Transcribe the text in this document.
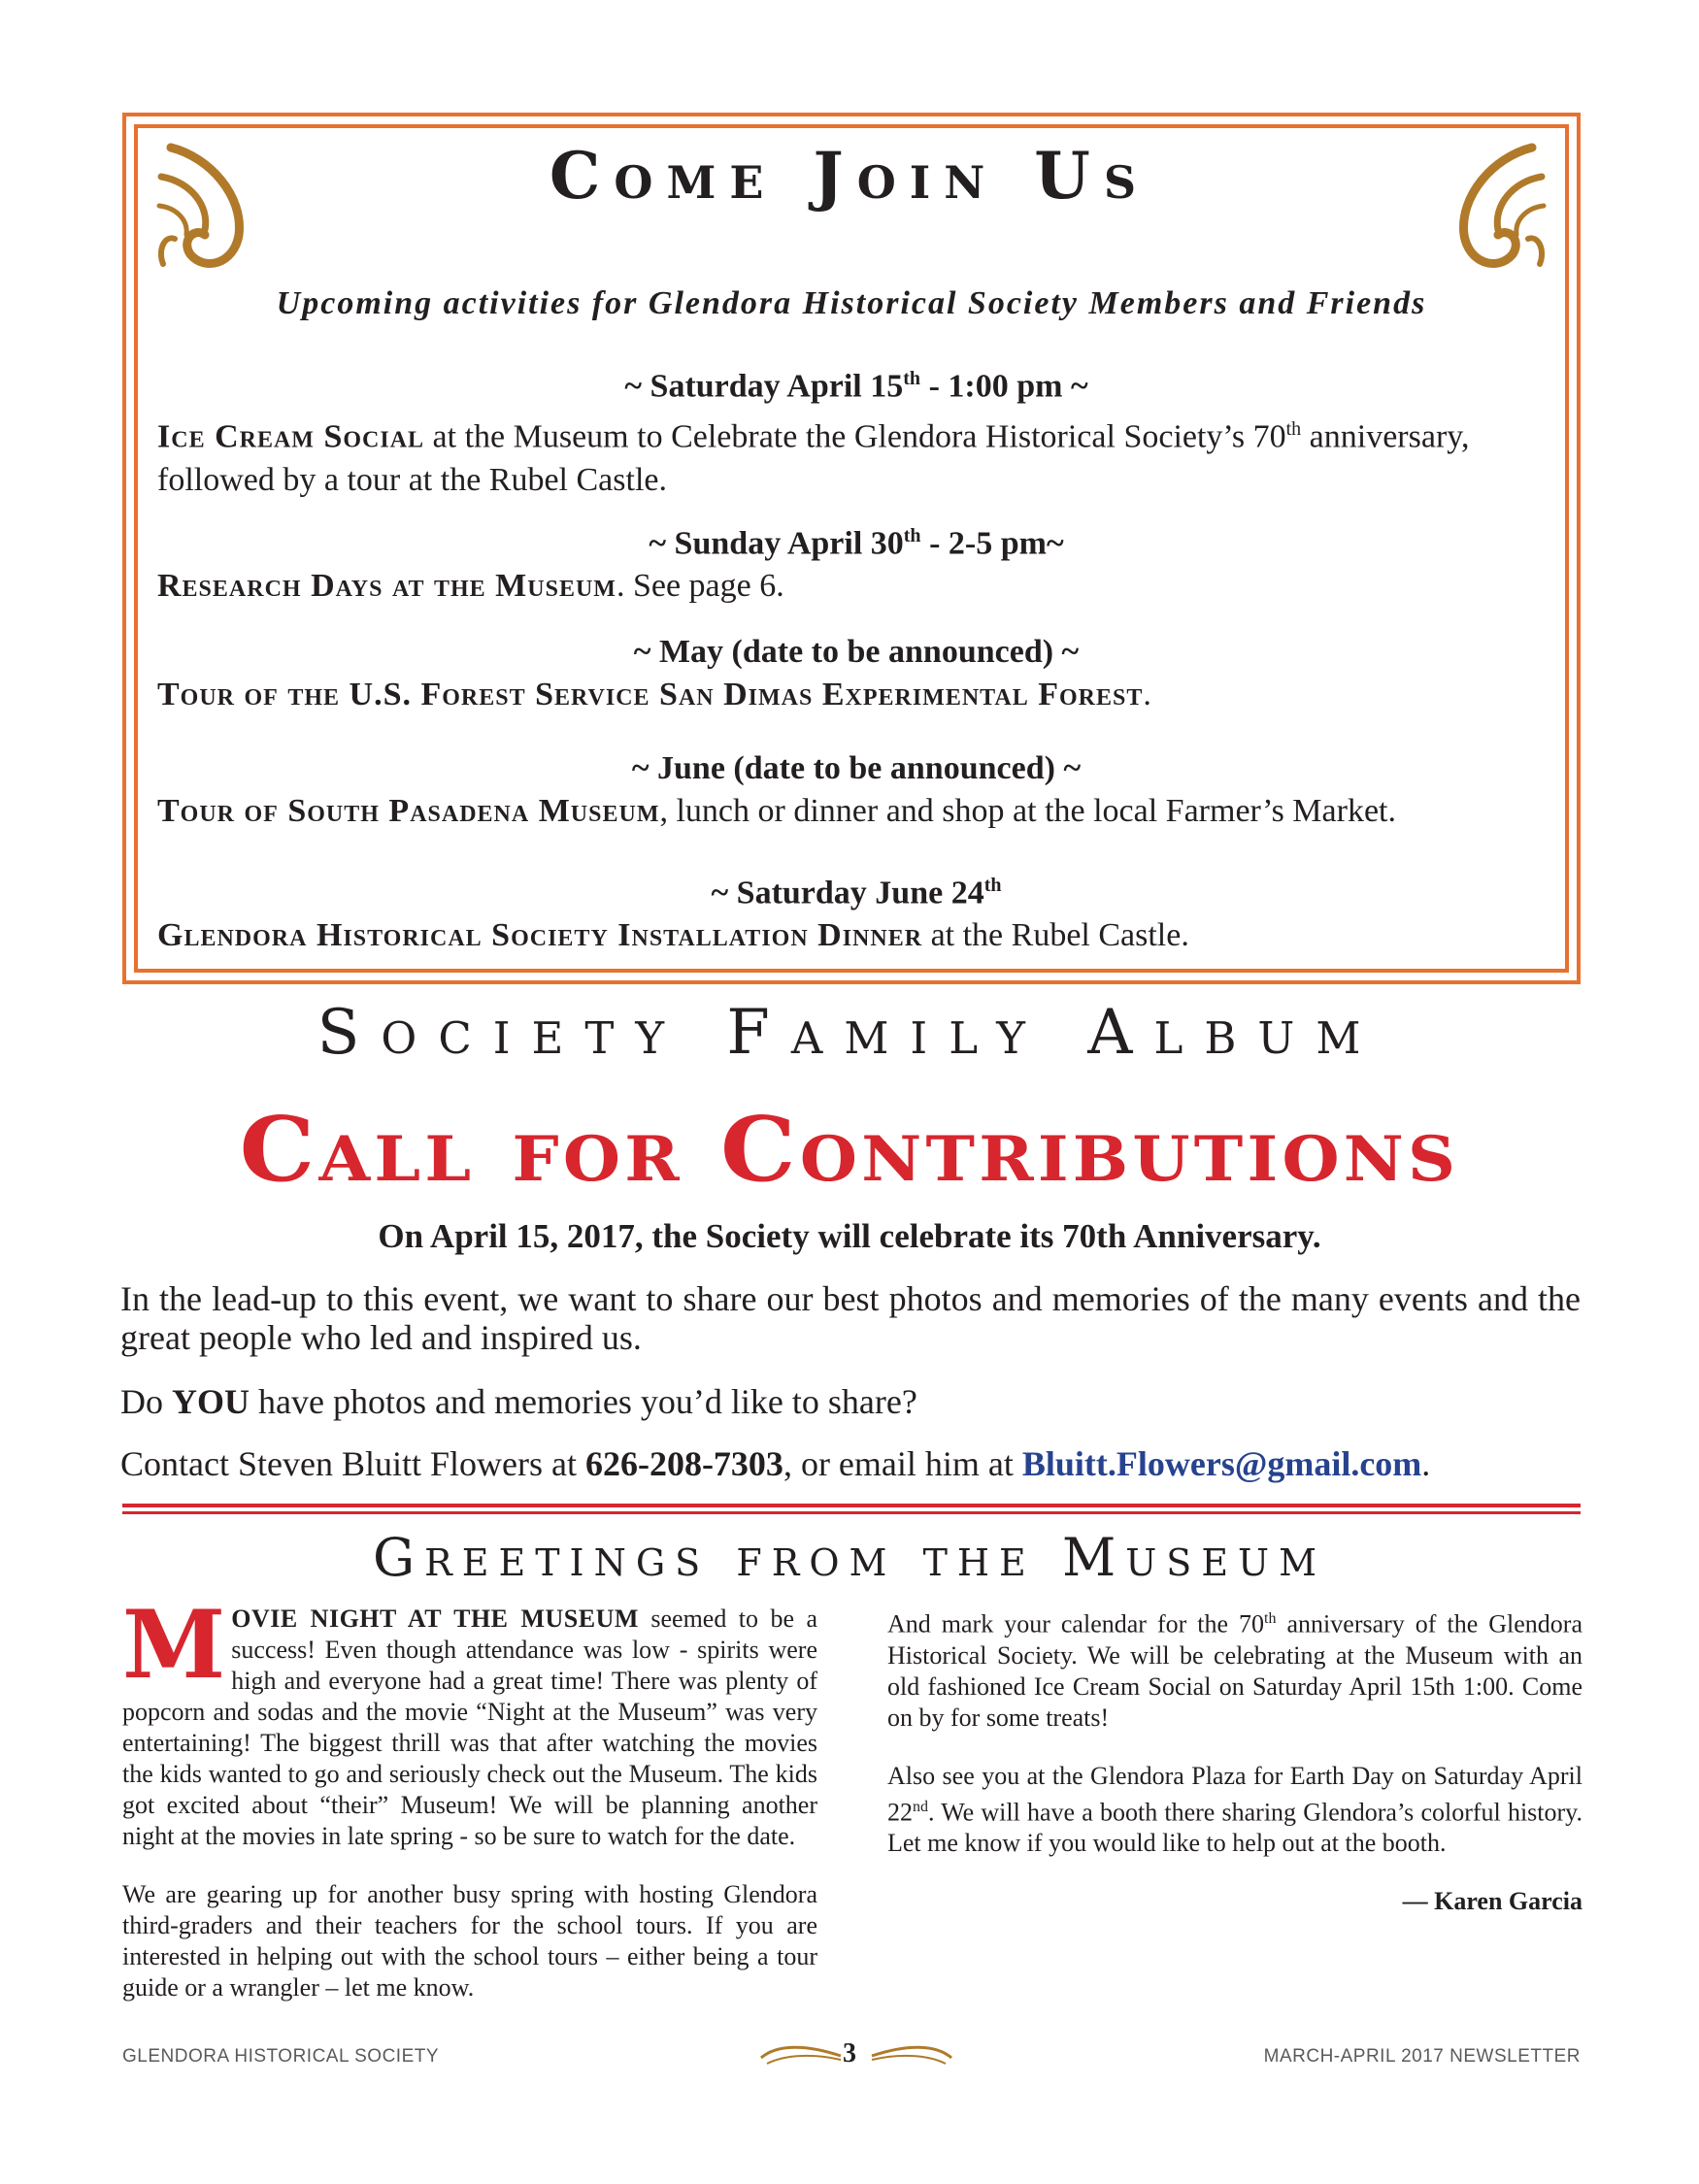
Come Join Us
Upcoming activities for Glendora Historical Society Members and Friends
~ Saturday April 15th - 1:00 pm ~
Ice Cream Social at the Museum to Celebrate the Glendora Historical Society’s 70th anniversary, followed by a tour at the Rubel Castle.
~ Sunday April 30th - 2-5 pm~
Research Days at the Museum. See page 6.
~ May (date to be announced) ~
Tour of the U.S. Forest Service San Dimas Experimental Forest.
~ June (date to be announced) ~
Tour of South Pasadena Museum, lunch or dinner and shop at the local Farmer’s Market.
~ Saturday June 24th
Glendora Historical Society Installation Dinner at the Rubel Castle.
Society Family Album
Call for Contributions
On April 15, 2017, the Society will celebrate its 70th Anniversary.
In the lead-up to this event, we want to share our best photos and memories of the many events and the great people who led and inspired us.
Do YOU have photos and memories you’d like to share?
Contact Steven Bluitt Flowers at 626-208-7303, or email him at Bluitt.Flowers@gmail.com.
Greetings from the Museum

MOVIE NIGHT AT THE MUSEUM seemed to be a success! Even though attendance was low - spirits were high and everyone had a great time! There was plenty of popcorn and sodas and the movie “Night at the Museum” was very entertaining! The biggest thrill was that after watching the movies the kids wanted to go and seriously check out the Museum. The kids got excited about “their” Museum! We will be planning another night at the movies in late spring - so be sure to watch for the date.

We are gearing up for another busy spring with hosting Glendora third-graders and their teachers for the school tours. If you are interested in helping out with the school tours – either being a tour guide or a wrangler – let me know.

And mark your calendar for the 70th anniversary of the Glendora Historical Society. We will be celebrating at the Museum with an old fashioned Ice Cream Social on Saturday April 15th 1:00. Come on by for some treats!

Also see you at the Glendora Plaza for Earth Day on Saturday April 22nd. We will have a booth there sharing Glendora’s colorful history. Let me know if you would like to help out at the booth.

— Karen Garcia

GLENDORA HISTORICAL SOCIETY	3	MARCH-APRIL 2017 NEWSLETTER
